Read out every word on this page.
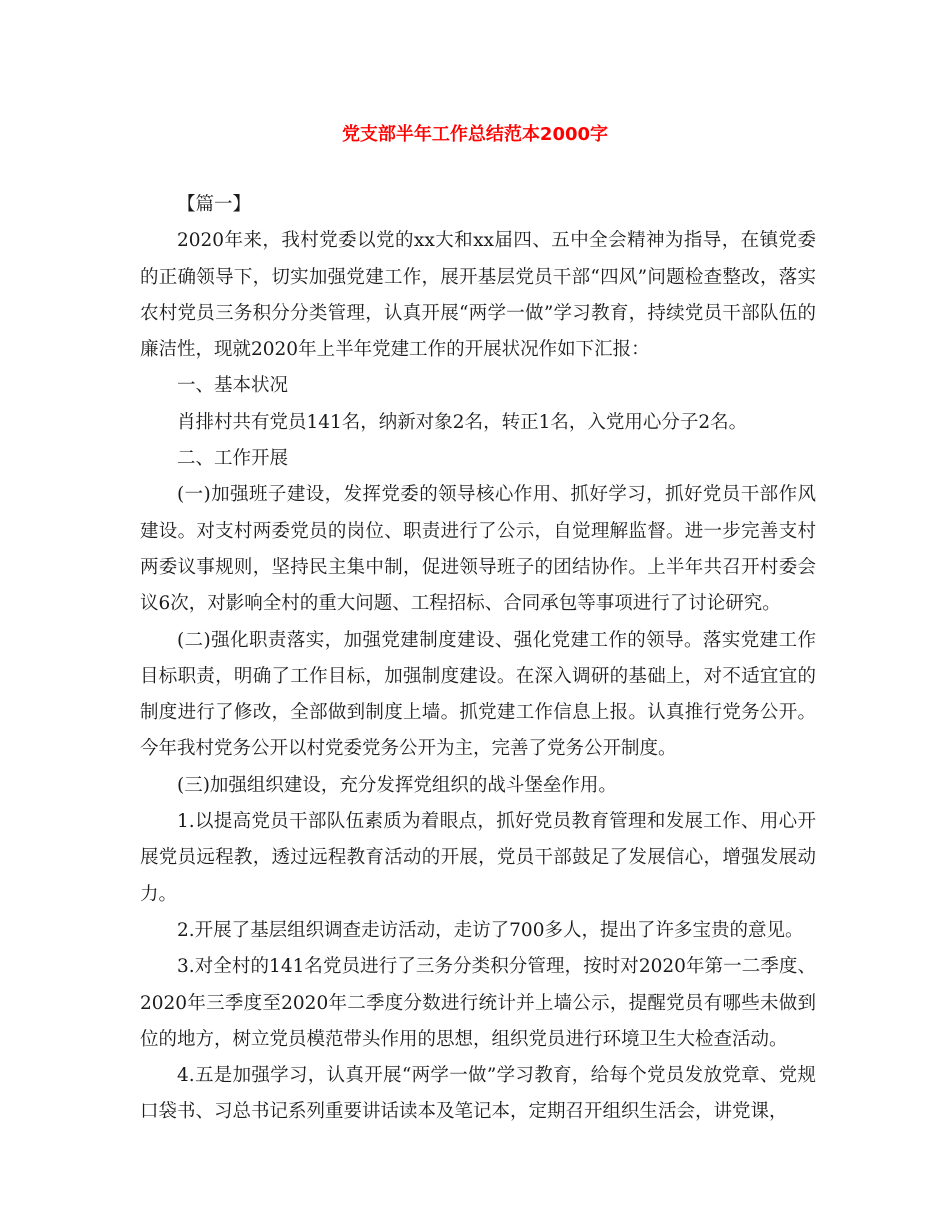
党支部半年工作总结范本2000字

【篇一】

2020年来，我村党委以党的xx大和xx届四、五中全会精神为指导，在镇党委的正确领导下，切实加强党建工作，展开基层党员干部“四风”问题检查整改，落实农村党员三务积分分类管理，认真开展“两学一做”学习教育，持续党员干部队伍的廉洁性，现就2020年上半年党建工作的开展状况作如下汇报：

一、基本状况

肖排村共有党员141名，纳新对象2名，转正1名，入党用心分子2名。

二、工作开展

(一)加强班子建设，发挥党委的领导核心作用、抓好学习，抓好党员干部作风建设。对支村两委党员的岗位、职责进行了公示，自觉理解监督。进一步完善支村两委议事规则，坚持民主集中制，促进领导班子的团结协作。上半年共召开村委会议6次，对影响全村的重大问题、工程招标、合同承包等事项进行了讨论研究。

(二)强化职责落实，加强党建制度建设、强化党建工作的领导。落实党建工作目标职责，明确了工作目标，加强制度建设。在深入调研的基础上，对不适宜宜的制度进行了修改，全部做到制度上墙。抓党建工作信息上报。认真推行党务公开。今年我村党务公开以村党委党务公开为主，完善了党务公开制度。

(三)加强组织建设，充分发挥党组织的战斗堡垒作用。

1.以提高党员干部队伍素质为着眼点，抓好党员教育管理和发展工作、用心开展党员远程教，透过远程教育活动的开展，党员干部鼓足了发展信心，增强发展动力。

2.开展了基层组织调查走访活动，走访了700多人，提出了许多宝贵的意见。

3.对全村的141名党员进行了三务分类积分管理，按时对2020年第一二季度、2020年三季度至2020年二季度分数进行统计并上墙公示，提醒党员有哪些未做到位的地方，树立党员模范带头作用的思想，组织党员进行环境卫生大检查活动。

4.五是加强学习，认真开展“两学一做”学习教育，给每个党员发放党章、党规口袋书、习总书记系列重要讲话读本及笔记本，定期召开组织生活会，讲党课，
